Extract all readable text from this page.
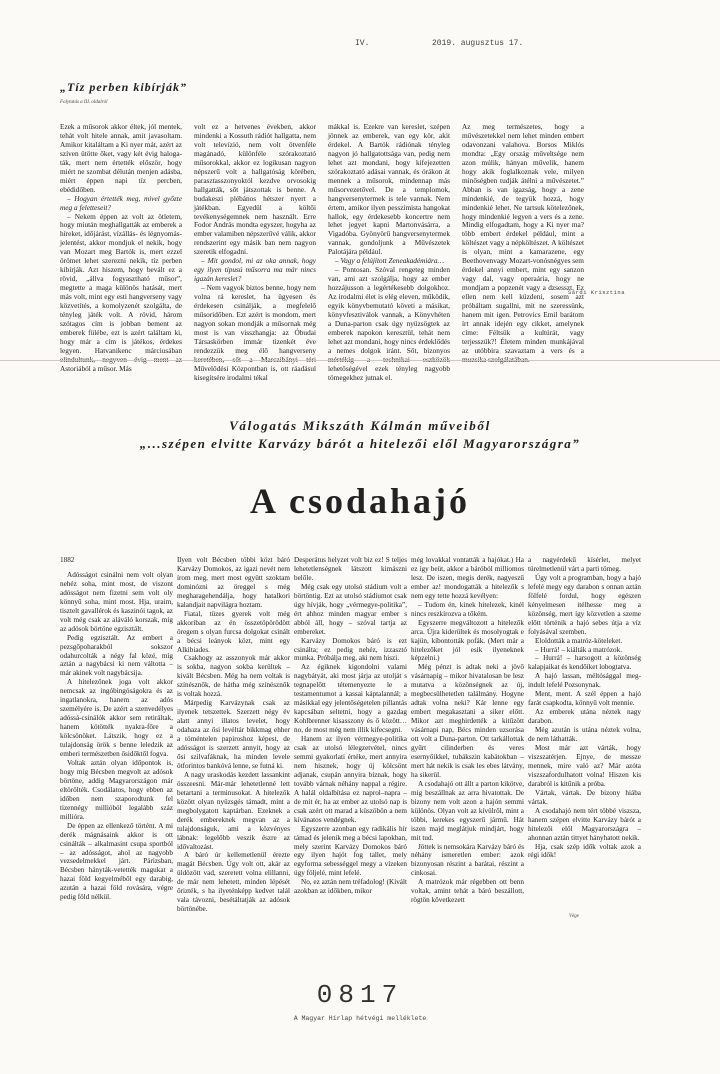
IV.	2019. augusztus 17.
„Tíz perben kibírják”
Folytatás a III. oldalról

Ezek a műsorok akkor éltek, jól mentek, tehát volt hitele annak, amit javasoltam. Amikor kitaláltam a Ki nyer mát, azért az szíven ütötte őket, vagy két évig halogaták, mert nem értették először, hogy miért ne szombat délután menjen adásba, miért éppen napi tíz percben, ebédidőben.

– Hogyan értették meg, mivel győzte meg a feletteseit?

– Nekem éppen az volt az ötletem, hogy miután meghallgatták az emberek a híreket, időjárást, vízállás- és légnyomás-jelentést, akkor mondjuk el nekik, hogy van Mozart meg Bartók is, mert ezzel örömet lehet szerezni nekik, tíz perben kibírják. Azt hiszem, hogy bevált ez a rövid, „állva fogyasztható műsor”, megtette a maga különös hatását, mert más volt, mint egy esti hangverseny vagy közvetítés, a komolyzenét szolgálta, de tényleg játék volt. A rövid, három szótagos cím is jobban bement az emberek fülébe, ezt is azért találtam ki, hogy már a cím is játékos, érdekes legyen. Hatvanikenc márciusában elindultunk, negyven évig ment az Astoriából a műsor. Más

volt ez a hetvenes években, akkor mindenki a Kossuth rádiót hallgatta, nem volt televízió, nem volt ötvenféle magánadó, különféle szórakoztató műsorokkal, akkor ez logikusan nagyon népszerű volt a hallgatóság körében, parasztasszonyoktól kezdve orvosokig hallgatták, sőt játszottak is benne. A budakeszi plébános hétszer nyert a játékban. Egyedül a költői tevékenységemnek nem használt. Erre Fodor András mondta egyszer, hogyha az ember valamiben népszerűvé válik, akkor rendszerint egy másik ban nem nagyon szeretik elfogadni.

– Mit gondol, mi az oka annak, hogy egy ilyen típusú műsorra ma már nincs igazán kereslet?

– Nem vagyok biztos benne, hogy nem volna rá kereslet, ha ügyesen és érdekesen csinálják, a megfelelő műsoridőben. Ezt azért is mondom, mert nagyon sokan mondják a műsornak még most is van visszhangja: az Óbudai Társaskörben immár tizenkét éve rendezzük meg élő hangverseny keretében, sőt a Marczibányi téri Művelődési Központban is, ott ráadásul kisegítsére irodalmi tékal

mákkal is. Ezekre van kereslet, szépen jönnek az emberek, van egy kör, akit érdekel. A Bartók rádiónak tényleg nagyon jó hallgatottsága van, pedig nem lehet azt mondani, hogy kifejezetten szórakoztató adásai vannak, és órákon át mennek a műsorok, mindennap más műsorvezetővel. De a templomok, hangversenytermek is tele vannak. Nem értem, amikor ilyen pesszimista hangokat hallok, egy érdekesebb koncertre nem lehet jegyet kapni Martonvásárra, a Vigadóba. Gyönyörű hangversenytermek vannak, gondoljunk a Művészetek Palotájára például.

– Vagy a felújított Zeneakadémiára…

– Pontosan. Szóval rengeteg minden van, ami azt szolgálja, hogy az ember hozzájusson a legértékesebb dolgokhoz. Az irodalmi élet is elég eleven, működik, egyik könyvbemutató követi a másikat, könyvfesztiválok vannak, a Könyvhéten a Duna-parton csak úgy nyüzsögtek az emberek napokon keresztül, tehát nem lehet azt mondani, hogy nincs érdeklődés a nemes dolgok iránt. Sőt, bizonyos mértékig a technikai eszközök lehetőségével ezek tényleg nagyobb tömegekhez jutnak el.

Az meg természetes, hogy a művészetekkel nem lehet minden embert odavonzani valahova. Borsos Miklós mondta: „Egy ország műveltsége nem azon múlik, hányan művelik, hanem hogy akik foglalkoznak vele, milyen minőségben tudják átélni a művészetet.” Abban is van igazság, hogy a zene mindenkié, de tegyük hozzá, hogy mindenkié lehet. Ne tartsuk kötelezőnek, hogy mindenkié legyen a vers és a zene. Mindig elfogadtam, hogy a Ki nyer ma? több embert érdekel például, mint a költészet vagy a népköltészet. A költészet is olyan, mint a kamarazene, egy Beethovenvagy Mozart-vonósnégyes sem érdekel annyi embert, mint egy sanzon vagy dal, vagy operaária, hogy ne mondjam a popzenét vagy a dzsesszt. Ez ellen nem kell küzdeni, sosem azt próbáltam sugallni, mit ne szeressünk, hanem mit igen. Petrovics Emil barátom írt annak idején egy cikket, amelynek címe: Féltsük a kultúrát, vagy terjesszük?! Életem minden munkájával az utóbbira szavaztam a vers és a muzsika szolgálatában.

Sárdi Krisztina
Válogatás Mikszáth Kálmán műveiből
„...szépen elvitte Karvázy bárót a hitelezői elől Magyarországra”
A csodahajó

1882

Adósságot csinálni nem volt olyan nehéz soha, mint most, de viszont adósságot nem fizetni sem volt oly könnyű soha, mint most. Hja, uraim, tisztelt gavallérok és kaszinói tagok, az volt még csak az aláváló korszak, míg az adósok börtöne egzisztált.

Pedig egzisztált. Az embert a pezsgőpoharakból sokszor odahurcolták a négy fal közé, míg aztán a nagybácsi ki nem váltotta – már akinek volt nagybácsija.

A hitelezőnek joga volt akkor nemcsak az ingóbingóságokra és az ingatlanokra, hanem az adós személyére is. De azért a szenvedélyes adóssá-csinálók akkor sem retiráltak, hanem kötötték nyakra-főre a kölcsönöket. Látszik, hogy ez a tulajdonság örök s benne leledzik az emberi természetben ősidőktől fogva.

Voltak aztán olyan időpontok is, hogy míg Bécsben megvolt az adósok börtöne, addig Magyarországon már eltörölték. Csodálatos, hogy ebben az időben nem szaporodtunk fel tizennégy millióból legalább száz millióra.

De éppen az ellenkező történt. A mi derék mágnásaink akkor is ott csinálták – alkalmasint csupa sportból – az adósságot, ahol az nagyobb vezsedelmekkel járt. Párizsban, Bécsben hányták-vetették magukat a hazai föld kegyelméből egy darabig, azután a hazai föld rovására, végre pedig föld nélkül.

Ilyen volt Bécsben többi közt báró Karvázy Domokos, az igazi nevét nem írom meg, mert most együtt szoktam dominózni az öreggel s még megharagehendálja, hogy hatalkori kalandjait napvilágra hoztam.

Fiatal, tüzes gyerek volt még akkoriban az én összetöpörödött öregem s olyan furcsa dolgokat csinált a bécsi leányok közt, mint egy Alkibiades.

Csakhogy az asszonyok már akkor is sokba, nagyon sokba kerültek – kivált Bécsben. Még ha nem voltak is színésznők, de hátha még színésznők is voltak hozzá.

Márpedig Karvázynak csak az ilyenek tetszettek. Szerzett négy év alatt annyi illatos levelet, hogy odahaza az ősi levéltár bikkmag ehher a töméntelen papiroshoz képest, de adósságot is szerzett annyit, hogy az ősi szilvafáknak, ha minden levele ötforintos bankóvá lenne, se futná ki.

A nagy uraskodás kezdett lassankint összeesni. Már-már lehetetlenné lett betartani a terminusokat. A hitelezők között olyan nyüzsgés támadt, mint a megbolygatott kaptárban. Ezeknek a derék embereknek megvan az a tulajdonságuk, ami a közvényes lábnak: legelőbb veszik észre az idővaltozást.

A báró úr kellemetlenül érezte magát Bécsben. Úgy volt ott, akár az üldözött vad, szeretett volna elillanni, de már nem lehetett, minden lépését őrizték, s ha ilyeténképp kedvet talál vala távozni, besétáltatják az adósok börtönébe.

Desperátus helyzet volt biz ez! S teljes lehetetlenségnek látszott kimászni belőle.

Még csak egy utolsó stádium volt a börtöntig. Ezt az utolsó stádiumot csak úgy hívják, hogy „vérmegye-politika”, ért ahhoz minden magyar ember s abból áll, hogy – szóval tartja az embereket.

Karvázy Domokos báró is ezt csinálta; ez pedig nehéz, izzasztó munka. Próbálja meg, aki nem hiszi.

Az égiknek kigondolni valami nagybátyát, aki most járja az utolját s tegnapelőtt tétemenyezte le a testamentumot a kassai káptalannál; a másikkal egy jelentőségetelen pillantás kapcsában seltetni, hogy a gazdag Kohlbrenner kisasszony és ő között… no, de most még nem illik kifecsegni.

Hanem az ilyen vérmegye-politika csak az utolsó lélegzetvétel, nincs semmi gyakorlati értéke, mert annyira nem hisznek, hogy új kölcsönt adjanak, csupán annyira bíznak, hogy tovább várnak néhány nappal a régire. A halál oldalbítása ez naprol–napra – de mit ér, ha az ember az utolsó nap is csak azért ott marad a küszöbön a nem kívánatos vendégnek.

Egyszerre azonban egy radikális hír támad és jelenik meg a bécsi lapokban, mely szerint Karvázy Domokos báró egy ilyen hajót fog tallet, mely egyforma sebességgel megy a vízeken úgy följelé, mint lefelé.

No, ez aztán nem tréfadolog! (Kivált azokban az időkben, mikor

még lovakkal vontatták a hajókat.) Ha ez így beüt, akkor a báróból milliomos lesz. De iszen, megis derék, nagyeszű ember az! mondogatták a hitelezők s nem egy tette hozzá kevélyen:

– Tudom én, kinek hitelezek, kinél nincs reszkírozva a tőkém.

Egyszerre megváltozott a hitelezők arca. Újra kiderültek és mosolyogtak e kajün, kíbontották pofák. (Mert már a hitelezőket jól esik ilyeneknek képzelni.)

Még pénzt is adtak neki a jövő vásárnapig – mikor hivatalosan be lesz mutatva a közönségnek az új, megbecsülhetetlen találmány. Hogyne adtak volna neki? Kár lenne egy embert megakasztani a siker előtt. Mikor azt meghirdették a kitűzött vásárnapi nap, Bécs minden uzsorása ott volt a Duna-parton. Ott tarkállottak gyűrt cilinderben és veres esernyőikkel, tubákszin kabátokban – mert hát nekik is csak les ebes látvány, ha sikerül.

A csodahajó ott állt a parton kikötve, mig beszállnak az arra hivatottak. De bizony nem volt azon a hajón semmi különös. Olyan volt az kívülről, mint a többi, kerekes egyszerű jármű. Hát iszen majd meglátjuk mindjárt, hogy mit tud.

Jöttek is nemsokára Karvázy báró és néhány ismeretlen ember: azok bizonyosan részint a barátai, részint a cinkosai.

A matrózok már régebben ott benn voltak, amint tehát a báró beszállott, rögtön következett

a nagyérdekű kísérlet, melyet türelmetlenül várt a parti tömeg.

Úgy volt a programban, hogy a hajó lefelé megy egy darabon s onnan aztán fölfelé fordul, hogy egészen kényelmesen itélhesse meg a közönség, mert így közvetlen a szeme előtt történik a hajó sebes útja a víz folyásával szemben.

Eloldották a matróz-köteleket.

– Hurrá! – kiálták a matrózok.

– Hurrá! – harsogott a közönség kalapjaikat és kendőiket lobogtatva.

A hajó lassan, méltósággal megindult lefelé Pozsonynak.

Ment, ment. A szél éppen a hajó farát csapkodta, könnyű volt mennie.

Az emberek utána néztek nagy darabon.

Még azután is utána néztek volna, de nem láthatták.

Most már azt várták, hogy viszszatérjen. Ejnye, de messze mennek, mire való az? Már azóta viszszafordulhatott volna! Hiszen kis darabról is kitűnik a próba.

Vártak, vártak. De bizony hiába vártak.

A csodahajó nem tért többé viszsza, hanem szépen elvitte Karvázy bárót a hitelezői elől Magyarországra – ahonnan aztán tittyet hányhatott nekik.

Hja, csak szép idők voltak azok a régi idők!

Vége
0817
A Magyar Hírlap hétvégi melléklete
